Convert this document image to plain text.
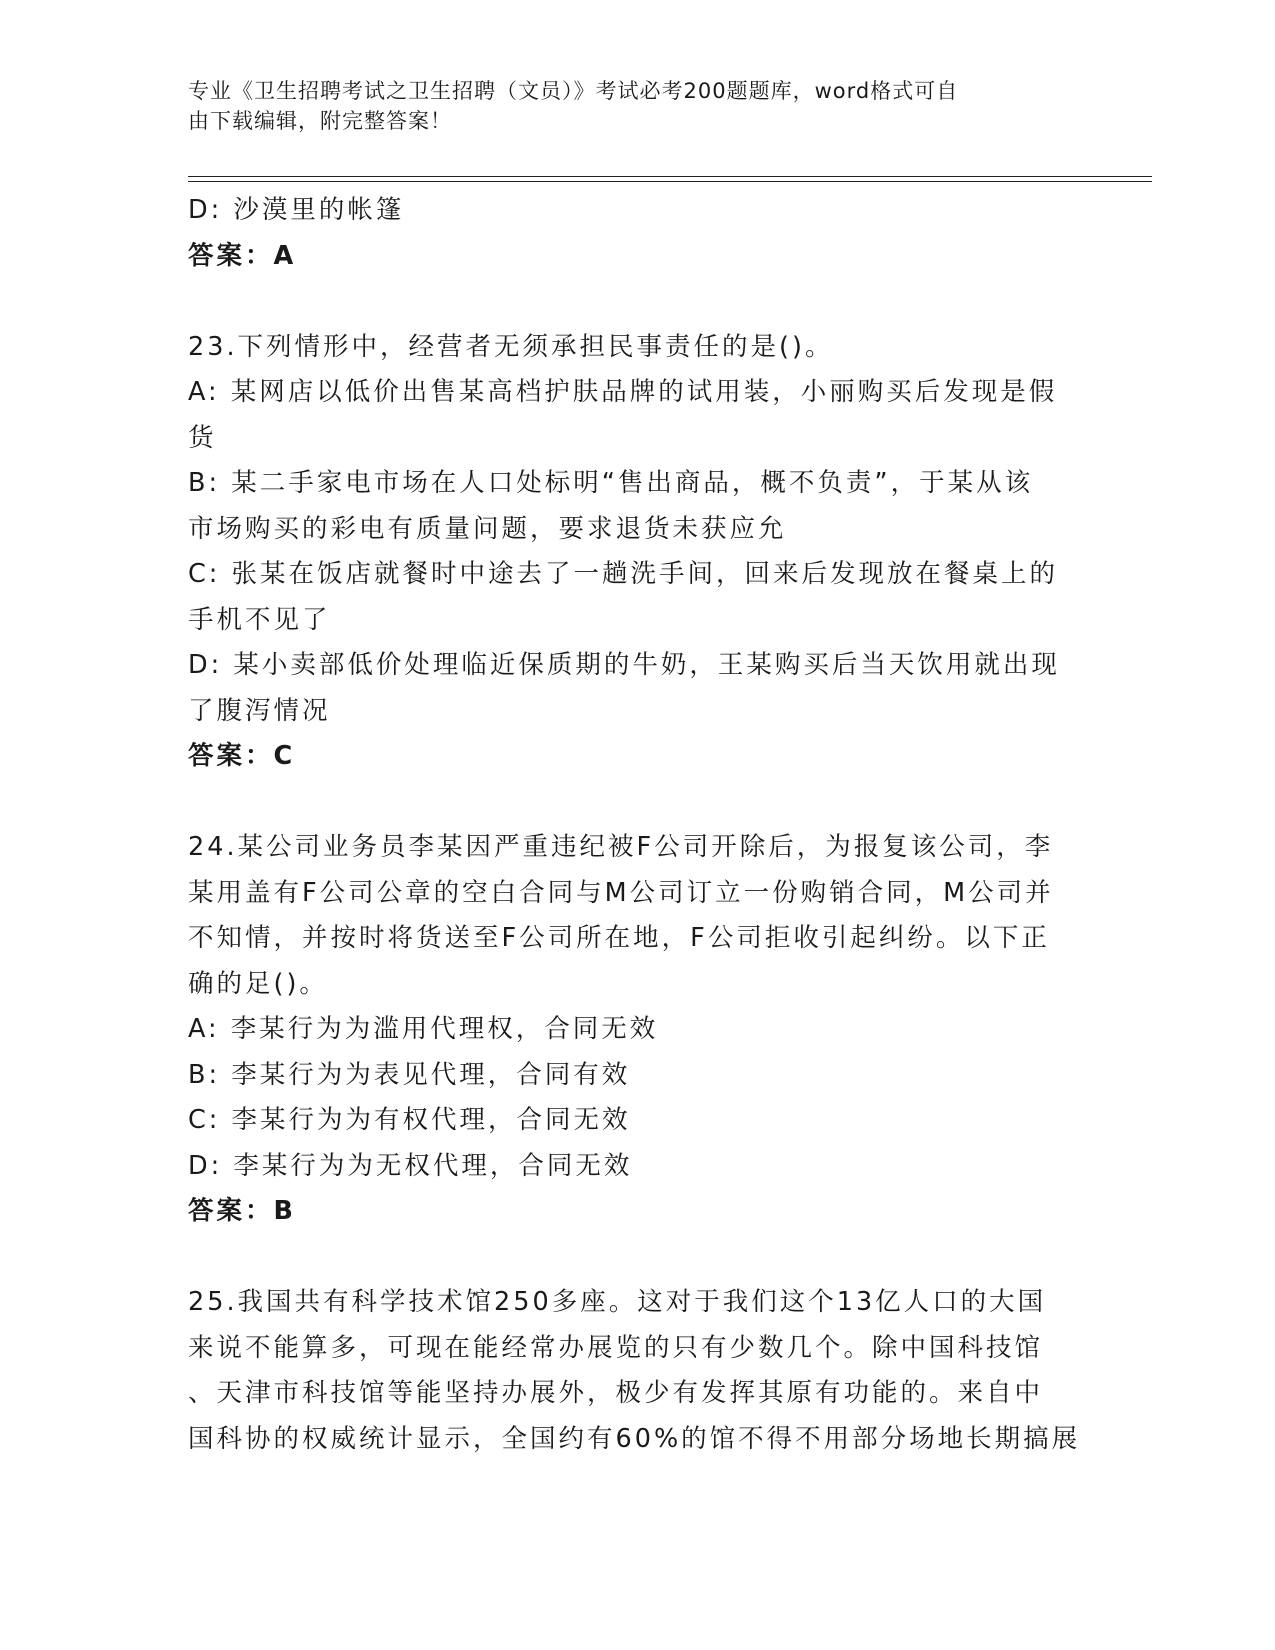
专业《卫生招聘考试之卫生招聘（文员）》考试必考200题题库，word格式可自
由下载编辑，附完整答案！
D: 沙漠里的帐篷
答案：A
23.下列情形中，经营者无须承担民事责任的是()。
A: 某网店以低价出售某高档护肤品牌的试用装，小丽购买后发现是假
货
B: 某二手家电市场在人口处标明“售出商品，概不负责”，于某从该
市场购买的彩电有质量问题，要求退货未获应允
C: 张某在饭店就餐时中途去了一趟洗手间，回来后发现放在餐桌上的
手机不见了
D: 某小卖部低价处理临近保质期的牛奶，王某购买后当天饮用就出现
了腹泻情况
答案：C
24.某公司业务员李某因严重违纪被F公司开除后，为报复该公司，李
某用盖有F公司公章的空白合同与M公司订立一份购销合同，M公司并
不知情，并按时将货送至F公司所在地，F公司拒收引起纠纷。以下正
确的足()。
A: 李某行为为滥用代理权，合同无效
B: 李某行为为表见代理，合同有效
C: 李某行为为有权代理，合同无效
D: 李某行为为无权代理，合同无效
答案：B
25.我国共有科学技术馆250多座。这对于我们这个13亿人口的大国
来说不能算多，可现在能经常办展览的只有少数几个。除中国科技馆
、天津市科技馆等能坚持办展外，极少有发挥其原有功能的。来自中
国科协的权威统计显示，全国约有60%的馆不得不用部分场地长期搞展
